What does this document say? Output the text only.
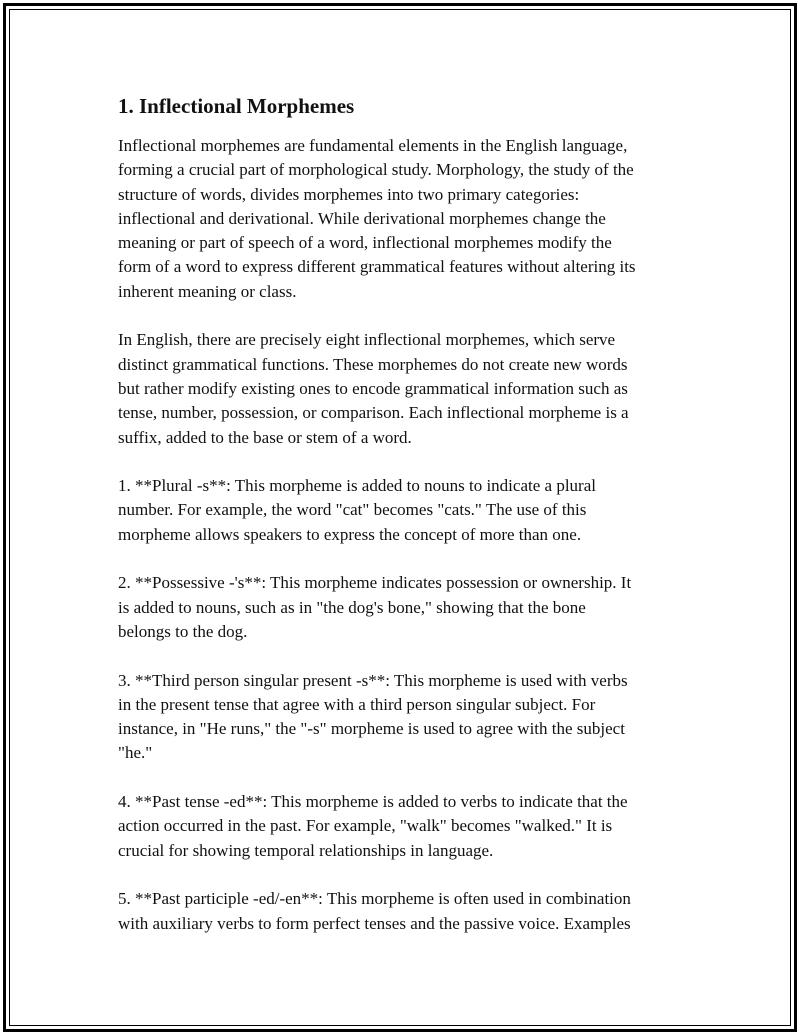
1. Inflectional Morphemes

Inflectional morphemes are fundamental elements in the English language,
forming a crucial part of morphological study. Morphology, the study of the
structure of words, divides morphemes into two primary categories:
inflectional and derivational. While derivational morphemes change the
meaning or part of speech of a word, inflectional morphemes modify the
form of a word to express different grammatical features without altering its
inherent meaning or class.

In English, there are precisely eight inflectional morphemes, which serve
distinct grammatical functions. These morphemes do not create new words
but rather modify existing ones to encode grammatical information such as
tense, number, possession, or comparison. Each inflectional morpheme is a
suffix, added to the base or stem of a word.

1. **Plural -s**: This morpheme is added to nouns to indicate a plural
number. For example, the word "cat" becomes "cats." The use of this
morpheme allows speakers to express the concept of more than one.

2. **Possessive -'s**: This morpheme indicates possession or ownership. It
is added to nouns, such as in "the dog's bone," showing that the bone
belongs to the dog.

3. **Third person singular present -s**: This morpheme is used with verbs
in the present tense that agree with a third person singular subject. For
instance, in "He runs," the "-s" morpheme is used to agree with the subject
"he."

4. **Past tense -ed**: This morpheme is added to verbs to indicate that the
action occurred in the past. For example, "walk" becomes "walked." It is
crucial for showing temporal relationships in language.

5. **Past participle -ed/-en**: This morpheme is often used in combination
with auxiliary verbs to form perfect tenses and the passive voice. Examples
